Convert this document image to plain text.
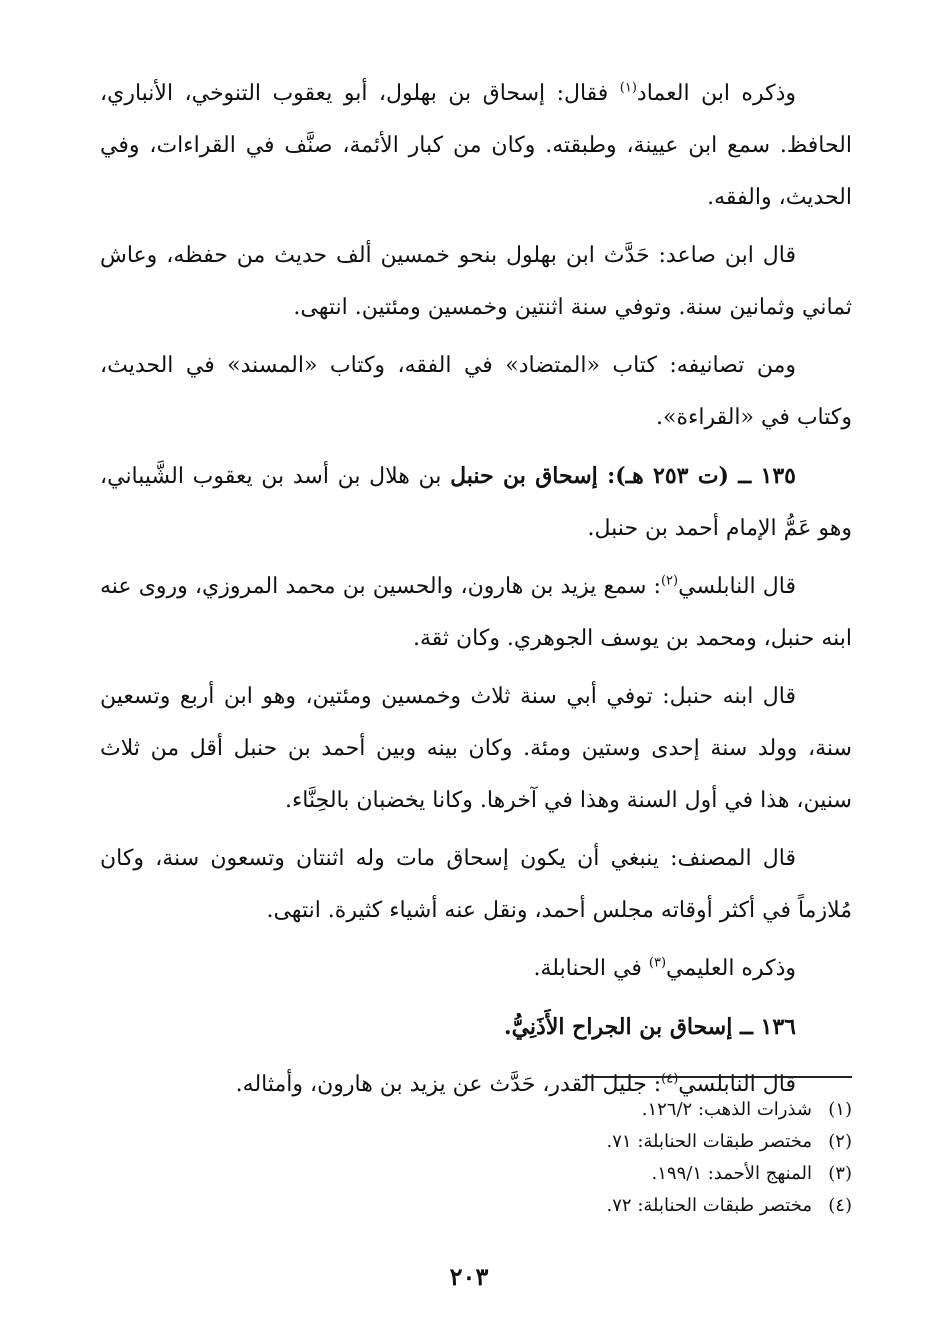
وذكره ابن العماد$^{(١)}$ فقال: إسحاق بن بهلول، أبو يعقوب التنوخي، الأنباري، الحافظ. سمع ابن عيينة، وطبقته. وكان من كبار الأئمة، صنَّف في القراءات، وفي الحديث، والفقه.

قال ابن صاعد: حَدَّث ابن بهلول بنحو خمسين ألف حديث من حفظه، وعاش ثماني وثمانين سنة. وتوفي سنة اثنتين وخمسين ومئتين. انتهى.

ومن تصانيفه: كتاب «المتضاد» في الفقه، وكتاب «المسند» في الحديث، وكتاب في «القراءة».

١٣٥ ــ (ت ٢٥٣ هـ): إسحاق بن حنبل بن هلال بن أسد بن يعقوب الشَّيباني، وهو عَمُّ الإمام أحمد بن حنبل.

قال النابلسي$^{(٢)}$: سمع يزيد بن هارون، والحسين بن محمد المروزي، وروى عنه ابنه حنبل، ومحمد بن يوسف الجوهري. وكان ثقة.

قال ابنه حنبل: توفي أبي سنة ثلاث وخمسين ومئتين، وهو ابن أربع وتسعين سنة، وولد سنة إحدى وستين ومئة. وكان بينه وبين أحمد بن حنبل أقل من ثلاث سنين، هذا في أول السنة وهذا في آخرها. وكانا يخضبان بالحِنَّاء.

قال المصنف: ينبغي أن يكون إسحاق مات وله اثنتان وتسعون سنة، وكان مُلازماً في أكثر أوقاته مجلس أحمد، ونقل عنه أشياء كثيرة. انتهى.

وذكره العليمي$^{(٣)}$ في الحنابلة.

١٣٦ ــ إسحاق بن الجراح الأَذَنِيُّ.

قال النابلسي$^{(٤)}$: جليل القدر، حَدَّث عن يزيد بن هارون، وأمثاله.

(١)شذرات الذهب: ١٢٦/٢.
(٢)مختصر طبقات الحنابلة: ٧١.
(٣)المنهج الأحمد: ١٩٩/١.
(٤)مختصر طبقات الحنابلة: ٧٢.
٢٠٣
